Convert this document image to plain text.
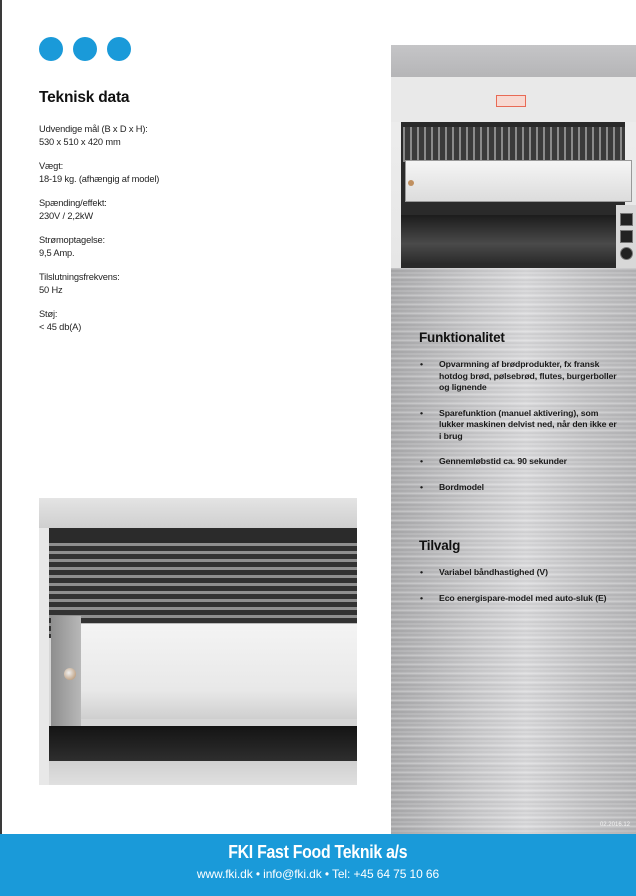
Teknisk data
Udvendige mål (B x D x H):
530 x 510 x 420 mm
Vægt:
18-19 kg. (afhængig af model)
Spænding/effekt:
230V / 2,2kW
Strømoptagelse:
9,5 Amp.
Tilslutningsfrekvens:
50 Hz
Støj:
< 45 db(A)
Funktionalitet
• Opvarmning af brødprodukter, fx fransk hotdog brød, pølsebrød, flutes, burgerboller og lignende
• Sparefunktion (manuel aktivering), som lukker maskinen delvist ned, når den ikke er i brug
• Gennemløbstid ca. 90 sekunder
• Bordmodel
Tilvalg
• Variabel båndhastighed (V)
• Eco energispare-model med auto-sluk (E)
02.2016.12
FKI Fast Food Teknik a/s
www.fki.dk • info@fki.dk • Tel: +45 64 75 10 66
